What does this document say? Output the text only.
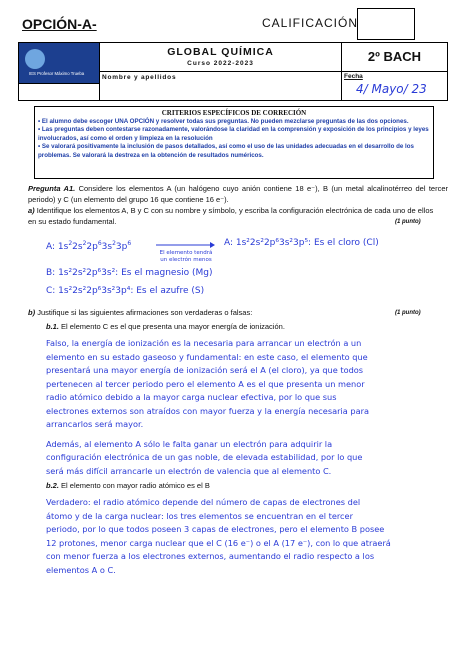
OPCIÓN-A-	CALIFICACIÓN
IES Profesor Máximo Trueba
GLOBAL QUÍMICA
Curso 2022-2023	2º BACH
Nombre y apellidos	Fecha
4/ Mayo/ 23
CRITERIOS ESPECÍFICOS DE CORRECIÓN
• El alumno debe escoger UNA OPCIÓN y resolver todas sus preguntas. No pueden mezclarse preguntas de las dos opciones.
• Las preguntas deben contestarse razonadamente, valorándose la claridad en la comprensión y exposición de los principios y leyes involucrados, así como el orden y limpieza en la resolución
• Se valorará positivamente la inclusión de pasos detallados, así como el uso de las unidades adecuadas en el desarrollo de los problemas. Se valorará la destreza en la obtención de resultados numéricos.
Pregunta A1. Considere los elementos A (un halógeno cuyo anión contiene 18 e⁻), B (un metal alcalinotérreo del tercer periodo) y C (un elemento del grupo 16 que contiene 16 e⁻).
a) Identifique los elementos A, B y C con su nombre y símbolo, y escriba la configuración electrónica de cada uno de ellos en su estado fundamental.	(1 punto)
A: $1s^22s^22p^63s^23p^6$
El elemento tendrá
un electrón menos
A: 1s²2s²2p⁶3s²3p⁵: Es el cloro (Cl)
B: 1s²2s²2p⁶3s²: Es el magnesio (Mg)
C: 1s²2s²2p⁶3s²3p⁴: Es el azufre (S)
b) Justifique si las siguientes afirmaciones son verdaderas o falsas:	(1 punto)
b.1. El elemento C es el que presenta una mayor energía de ionización.
Falso, la energía de ionización es la necesaria para arrancar un electrón a un
elemento en su estado gaseoso y fundamental: en este caso, el elemento que
presentará una mayor energía de ionización será el A (el cloro), ya que todos
pertenecen al tercer periodo pero el elemento A es el que presenta un menor
radio atómico debido a la mayor carga nuclear efectiva, por lo que sus
electrones externos son atraídos con mayor fuerza y la energía necesaria para
arrancarlos será mayor.
Además, al elemento A sólo le falta ganar un electrón para adquirir la
configuración electrónica de un gas noble, de elevada estabilidad, por lo que
será más difícil arrancarle un electrón de valencia que al elemento C.
b.2. El elemento con mayor radio atómico es el B
Verdadero: el radio atómico depende del número de capas de electrones del
átomo y de la carga nuclear: los tres elementos se encuentran en el tercer
periodo, por lo que todos poseen 3 capas de electrones, pero el elemento B posee
12 protones, menor carga nuclear que el C (16 e⁻) o el A (17 e⁻), con lo que atraerá
con menor fuerza a los electrones externos, aumentando el radio respecto a los
elementos A o C.
